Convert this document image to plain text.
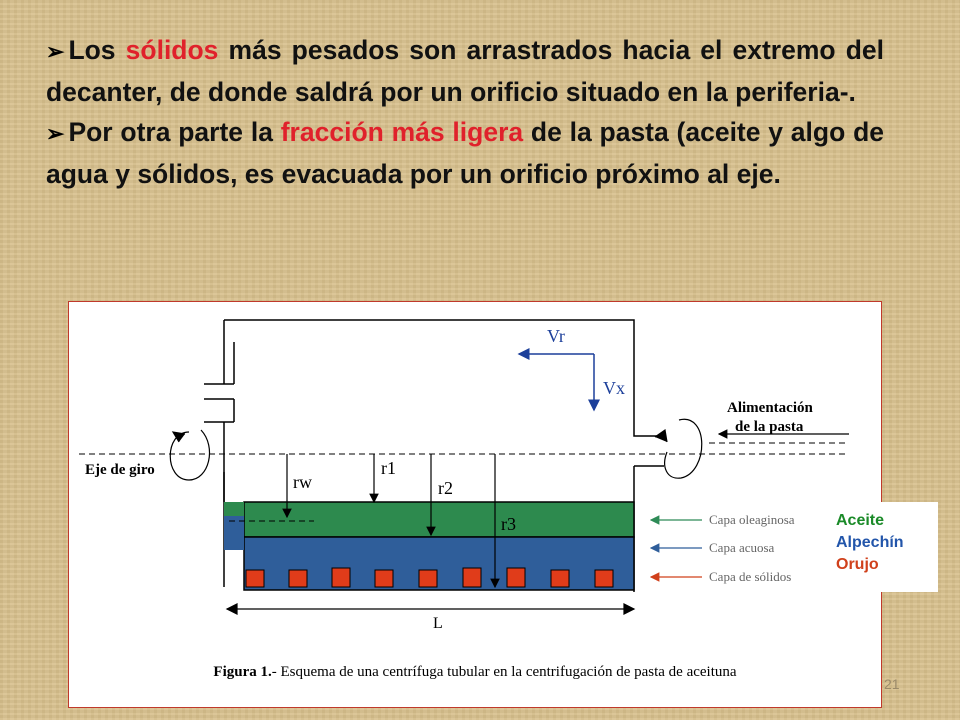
➢ Los sólidos más pesados son arrastrados hacia el extremo del decanter, de donde saldrá por un orificio situado en la periferia-.

➢ Por otra parte la fracción más ligera de la pasta (aceite y algo de agua y sólidos, es evacuada por un orificio próximo al eje.

Vr
Vx
Alimentación
de la pasta
Eje de giro
rw
r1
r2
r3
L
Capa oleaginosa
Capa acuosa
Capa de sólidos
Figura 1.- Esquema de una centrífuga tubular en la centrifugación de pasta de aceituna
Aceite
Alpechín
Orujo
21
